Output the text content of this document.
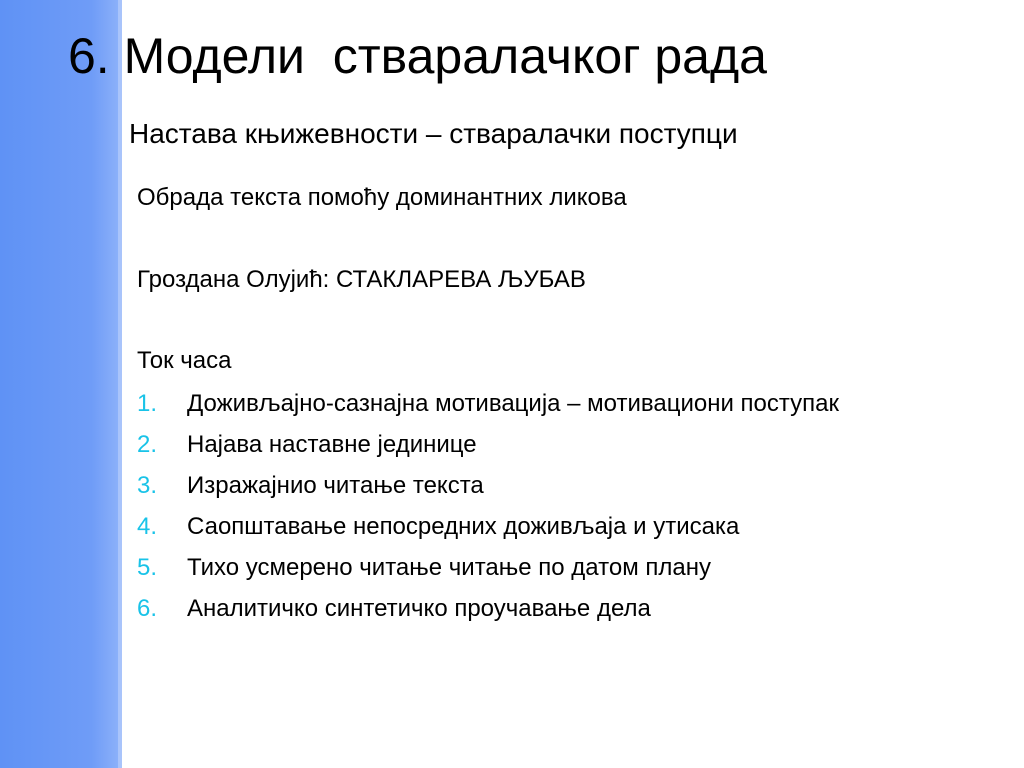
6. Модели  стваралачког рада
Настава књижевности – стваралачки поступци

Обрада текста помоћу доминантних ликова

Гроздана Олујић: СТАКЛАРЕВА ЉУБАВ

Ток часа

1. Доживљајно-сазнајна мотивација – мотивациони поступак
2. Најава наставне јединице
3. Изражајнио читање текста
4. Саопштавање непосредних доживљаја и утисака
5. Тихо усмерено читање читање по датом плану
6. Аналитичко синтетичко проучавање дела
